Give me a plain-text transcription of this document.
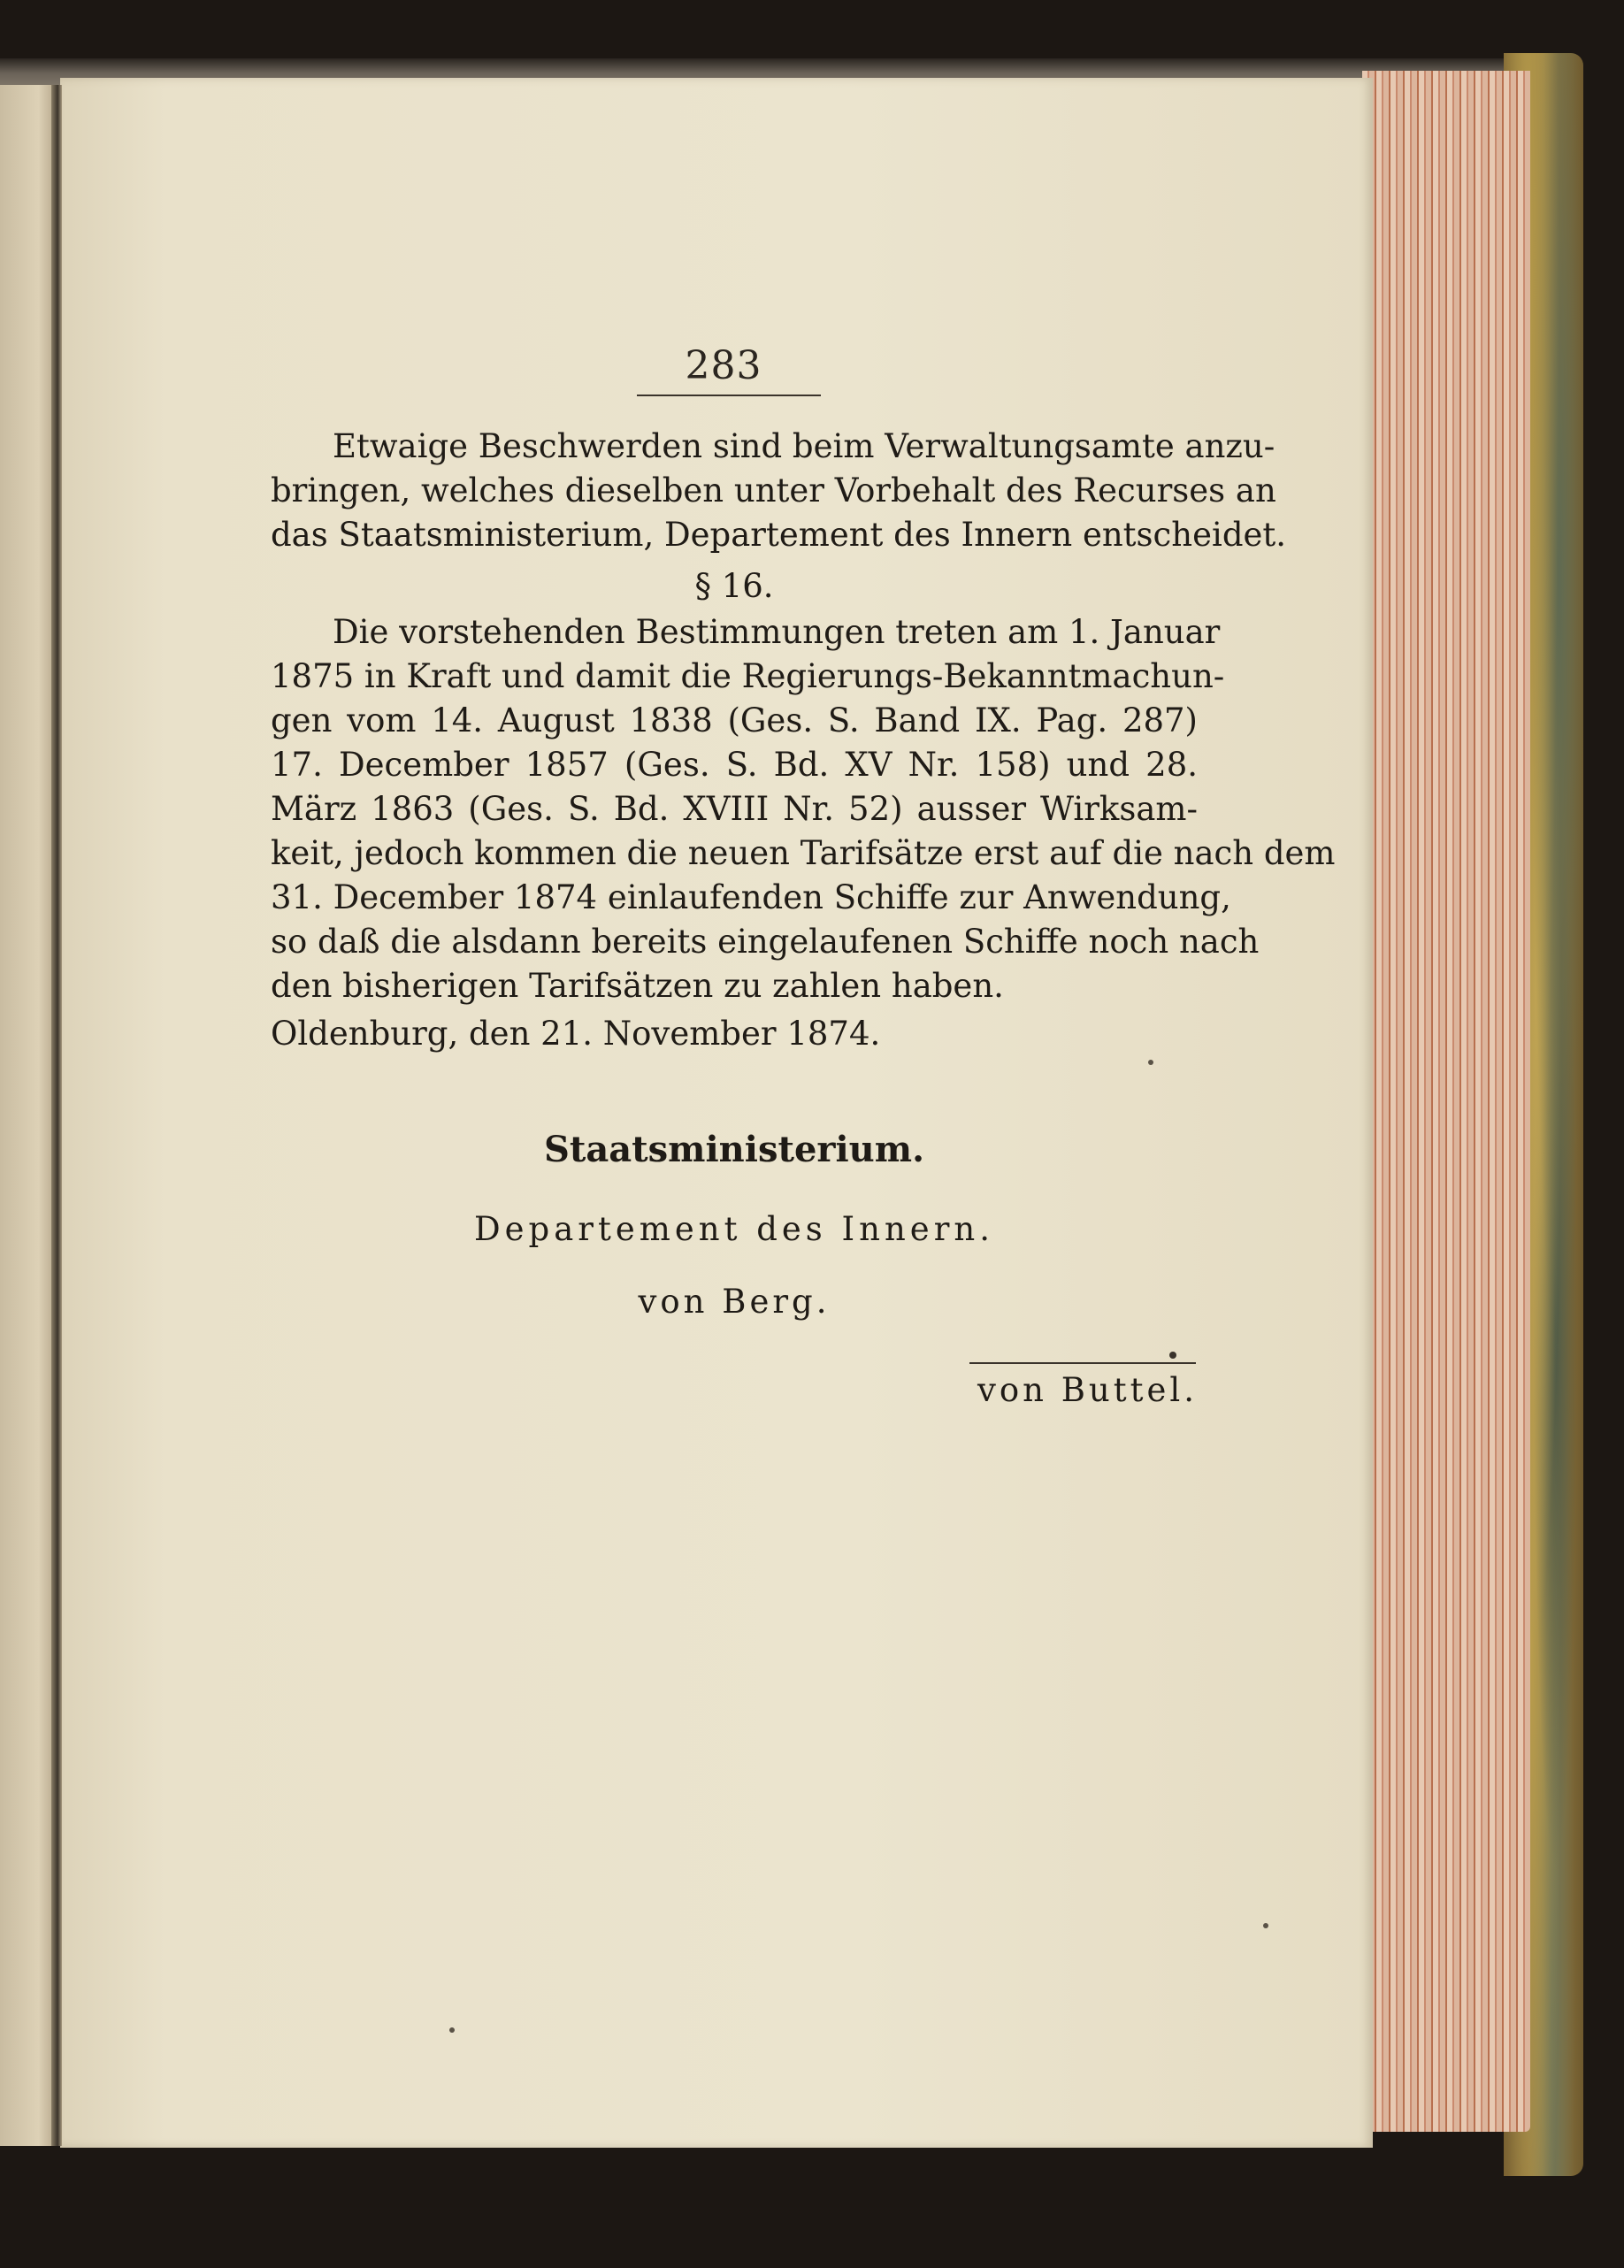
283
Etwaige Beschwerden sind beim Verwaltungsamte anzu-
bringen, welches dieselben unter Vorbehalt des Recurses an
das Staatsministerium, Departement des Innern entscheidet.
§ 16.
Die vorstehenden Bestimmungen treten am 1. Januar
1875 in Kraft und damit die Regierungs-Bekanntmachun-
gen vom 14. August 1838 (Ges. S. Band IX. Pag. 287)
17. December 1857 (Ges. S. Bd. XV Nr. 158) und 28.
März 1863 (Ges. S. Bd. XVIII Nr. 52) ausser Wirksam-
keit, jedoch kommen die neuen Tarifsätze erst auf die nach dem
31. December 1874 einlaufenden Schiffe zur Anwendung,
so daß die alsdann bereits eingelaufenen Schiffe noch nach
den bisherigen Tarifsätzen zu zahlen haben.
Oldenburg, den 21. November 1874.
Staatsministerium.
Departement des Innern.
von Berg.
von Buttel.
